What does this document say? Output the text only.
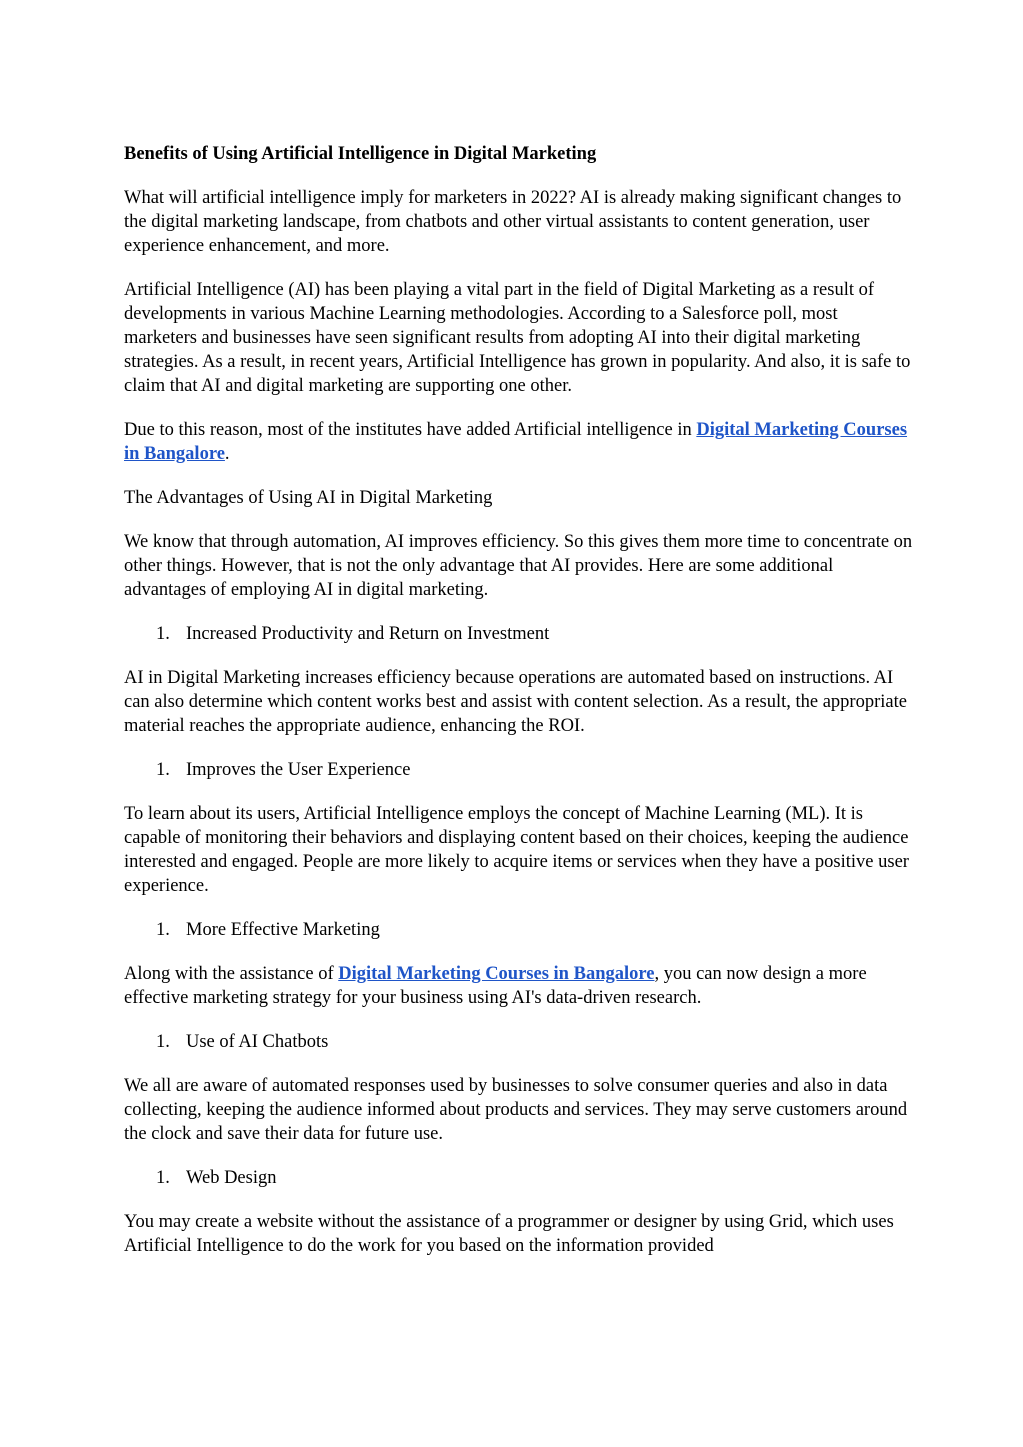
Benefits of Using Artificial Intelligence in Digital Marketing

What will artificial intelligence imply for marketers in 2022? AI is already making significant changes to the digital marketing landscape, from chatbots and other virtual assistants to content generation, user experience enhancement, and more.

Artificial Intelligence (AI) has been playing a vital part in the field of Digital Marketing as a result of developments in various Machine Learning methodologies. According to a Salesforce poll, most marketers and businesses have seen significant results from adopting AI into their digital marketing strategies. As a result, in recent years, Artificial Intelligence has grown in popularity. And also, it is safe to claim that AI and digital marketing are supporting one other.

Due to this reason, most of the institutes have added Artificial intelligence in Digital Marketing Courses in Bangalore.

The Advantages of Using AI in Digital Marketing

We know that through automation, AI improves efficiency. So this gives them more time to concentrate on other things. However, that is not the only advantage that AI provides. Here are some additional advantages of employing AI in digital marketing.

1. Increased Productivity and Return on Investment

AI in Digital Marketing increases efficiency because operations are automated based on instructions. AI can also determine which content works best and assist with content selection. As a result, the appropriate material reaches the appropriate audience, enhancing the ROI.

1. Improves the User Experience

To learn about its users, Artificial Intelligence employs the concept of Machine Learning (ML). It is capable of monitoring their behaviors and displaying content based on their choices, keeping the audience interested and engaged. People are more likely to acquire items or services when they have a positive user experience.

1. More Effective Marketing

Along with the assistance of Digital Marketing Courses in Bangalore, you can now design a more effective marketing strategy for your business using AI's data-driven research.

1. Use of AI Chatbots

We all are aware of automated responses used by businesses to solve consumer queries and also in data collecting, keeping the audience informed about products and services. They may serve customers around the clock and save their data for future use.

1. Web Design

You may create a website without the assistance of a programmer or designer by using Grid, which uses Artificial Intelligence to do the work for you based on the information provided
